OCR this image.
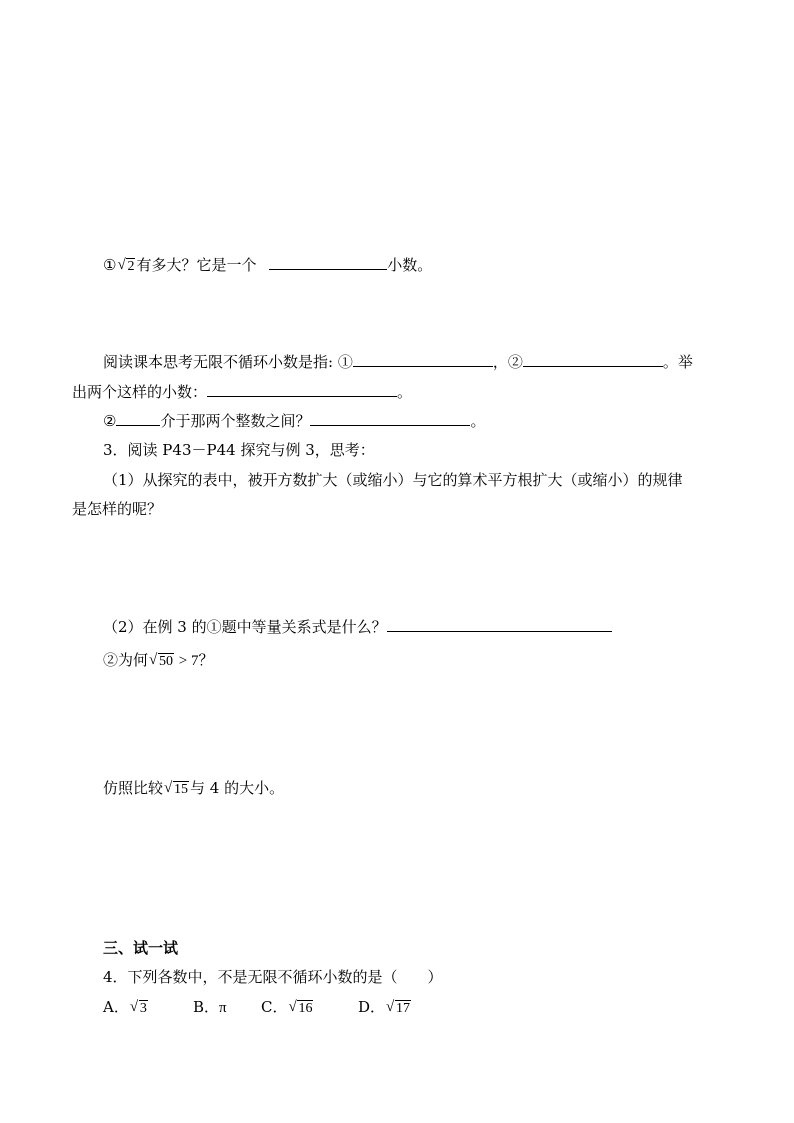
① √ 2 有多大？它是一个	小数。
阅读课本思考无限不循环小数是指: ①	，②	。举
出两个这样的小数：	。
②	介于那两个整数之间？	。
3．阅读 P43－P44 探究与例 3，思考：
（1）从探究的表中，被开方数扩大（或缩小）与它的算术平方根扩大（或缩小）的规律
是怎样的呢？
（2）在例 3 的①题中等量关系式是什么？
②为何 √ 50 > 7？
仿照比较 √ 15 与 4 的大小。
三、试一试
4．下列各数中，不是无限不循环小数的是（　　）
A． √ 3	B．π C． √ 16	D． √ 17
